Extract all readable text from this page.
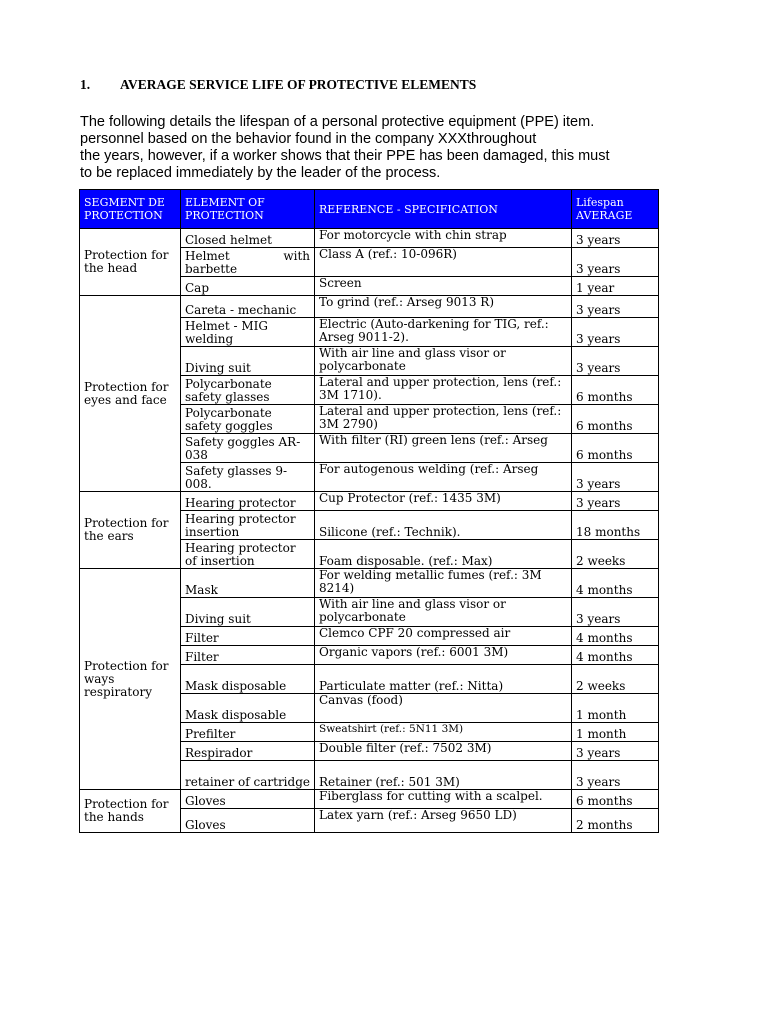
1. AVERAGE SERVICE LIFE OF PROTECTIVE ELEMENTS
The following details the lifespan of a personal protective equipment (PPE) item.
personnel based on the behavior found in the company XXXthroughout
the years, however, if a worker shows that their PPE has been damaged, this must
to be replaced immediately by the leader of the process.
SEGMENT DE PROTECTION	ELEMENT OF PROTECTION	REFERENCE - SPECIFICATION	Lifespan AVERAGE
Protection for the head	Closed helmet	For motorcycle with chin strap	3 years
	Helmet with barbette	Class A (ref.: 10-096R)	3 years
	Cap	Screen	1 year
Protection for eyes and face	Careta - mechanic	To grind (ref.: Arseg 9013 R)	3 years
	Helmet - MIG welding	Electric (Auto-darkening for TIG, ref.: Arseg 9011-2).	3 years
	Diving suit	With air line and glass visor or polycarbonate	3 years
	Polycarbonate safety glasses	Lateral and upper protection, lens (ref.: 3M 1710).	6 months
	Polycarbonate safety goggles	Lateral and upper protection, lens (ref.: 3M 2790)	6 months
	Safety goggles AR-038	With filter (RI) green lens (ref.: Arseg	6 months
	Safety glasses 9-008.	For autogenous welding (ref.: Arseg	3 years
Protection for the ears	Hearing protector	Cup Protector (ref.: 1435 3M)	3 years
	Hearing protector insertion	Silicone (ref.: Technik).	18 months
	Hearing protector of insertion	Foam disposable. (ref.: Max)	2 weeks
Protection for ways respiratory	Mask	For welding metallic fumes (ref.: 3M 8214)	4 months
	Diving suit	With air line and glass visor or polycarbonate	3 years
	Filter	Clemco CPF 20 compressed air	4 months
	Filter	Organic vapors (ref.: 6001 3M)	4 months
	Mask disposable	Particulate matter (ref.: Nitta)	2 weeks
	Mask disposable	Canvas (food)	1 month
	Prefilter	Sweatshirt (ref.: 5N11 3M)	1 month
	Respirador	Double filter (ref.: 7502 3M)	3 years
	retainer of cartridge	Retainer (ref.: 501 3M)	3 years
Protection for the hands	Gloves	Fiberglass for cutting with a scalpel.	6 months
	Gloves	Latex yarn (ref.: Arseg 9650 LD)	2 months
